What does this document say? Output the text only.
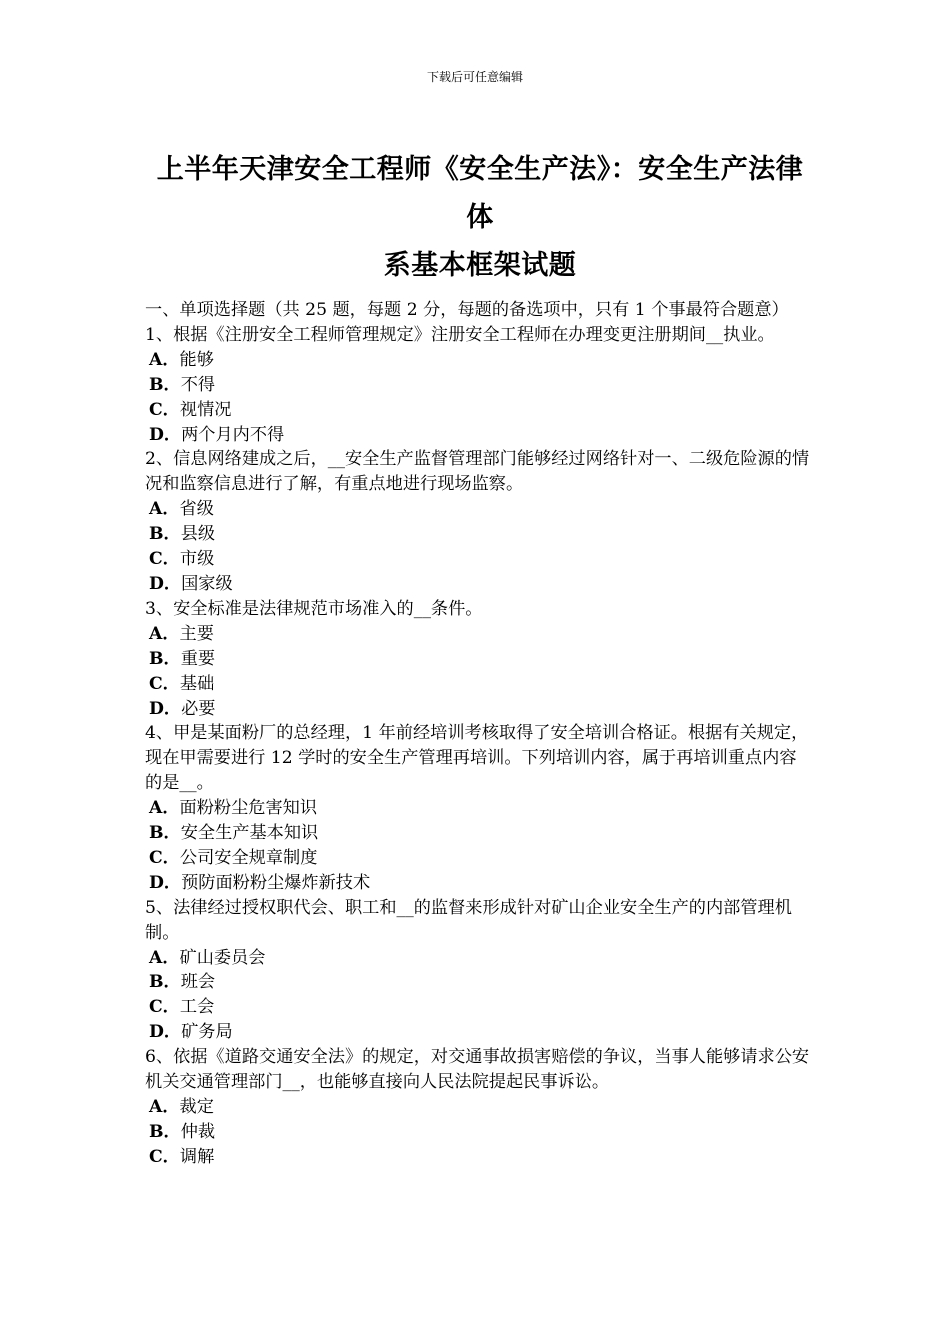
下载后可任意编辑
上半年天津安全工程师《安全生产法》：安全生产法律体
系基本框架试题

一、单项选择题（共 25 题，每题 2 分，每题的备选项中，只有 1 个事最符合题意）

1、根据《注册安全工程师管理规定》注册安全工程师在办理变更注册期间__执业。

A．能够

B．不得

C．视情况

D．两个月内不得

2、信息网络建成之后，__安全生产监督管理部门能够经过网络针对一、二级危险源的情况和监察信息进行了解，有重点地进行现场监察。

A．省级

B．县级

C．市级

D．国家级

3、安全标准是法律规范市场准入的__条件。

A．主要

B．重要

C．基础

D．必要

4、甲是某面粉厂的总经理，1 年前经培训考核取得了安全培训合格证。根据有关规定，现在甲需要进行 12 学时的安全生产管理再培训。下列培训内容，属于再培训重点内容的是__。

A．面粉粉尘危害知识

B．安全生产基本知识

C．公司安全规章制度

D．预防面粉粉尘爆炸新技术

5、法律经过授权职代会、职工和__的监督来形成针对矿山企业安全生产的内部管理机制。

A．矿山委员会

B．班会

C．工会

D．矿务局

6、依据《道路交通安全法》的规定，对交通事故损害赔偿的争议，当事人能够请求公安机关交通管理部门__，也能够直接向人民法院提起民事诉讼。

A．裁定

B．仲裁

C．调解
